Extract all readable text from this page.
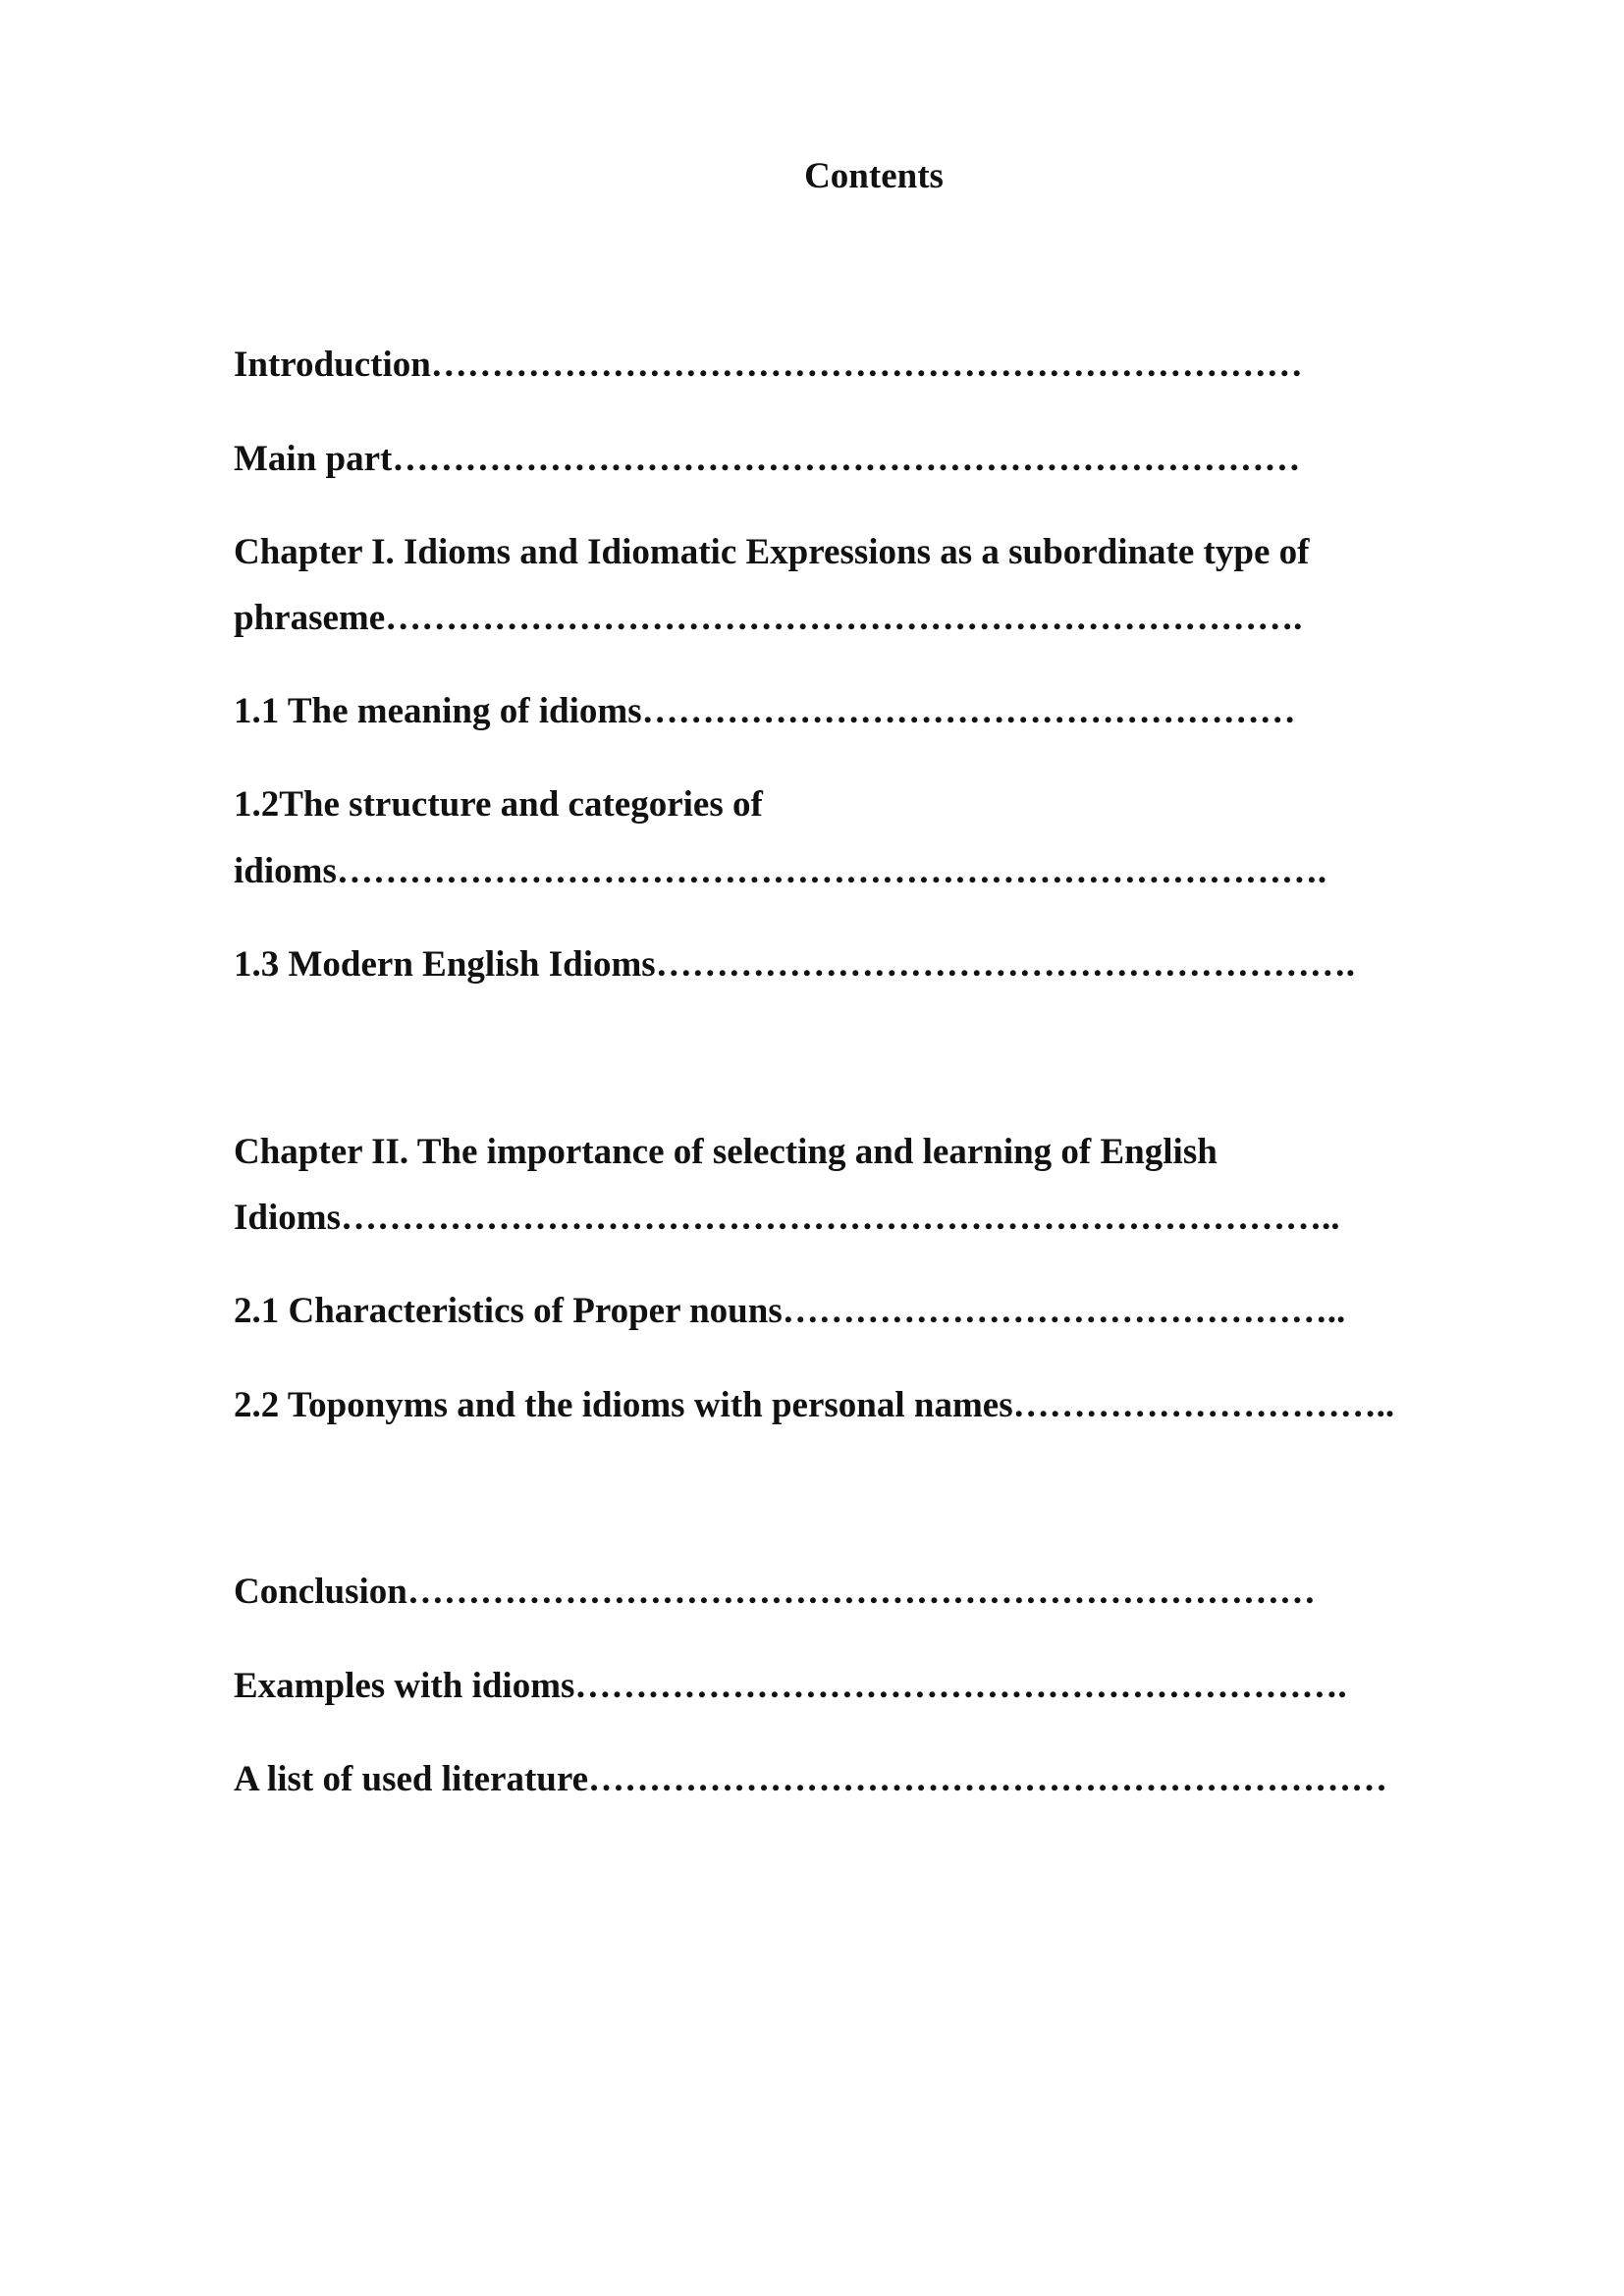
Contents

Introduction………………………………………………………………

Main part…………………………………………………………………

Chapter I. Idioms and Idiomatic Expressions as a subordinate type of

phraseme………………………………………………………………….

1.1 The meaning of idioms………………………………………………

1.2The structure and categories of

idioms……………………………………………………………………….

1.3 Modern English Idioms………………………………………………….

Chapter II. The importance of selecting and learning of English

Idioms………………………………………………………………………..

2.1 Characteristics of Proper nouns………………………………………..

2.2 Toponyms and the idioms with personal names…………………………..

Conclusion…………………………………………………………………

Examples with idioms……………………………………………………….

A list of used literature…………………………………………………………
